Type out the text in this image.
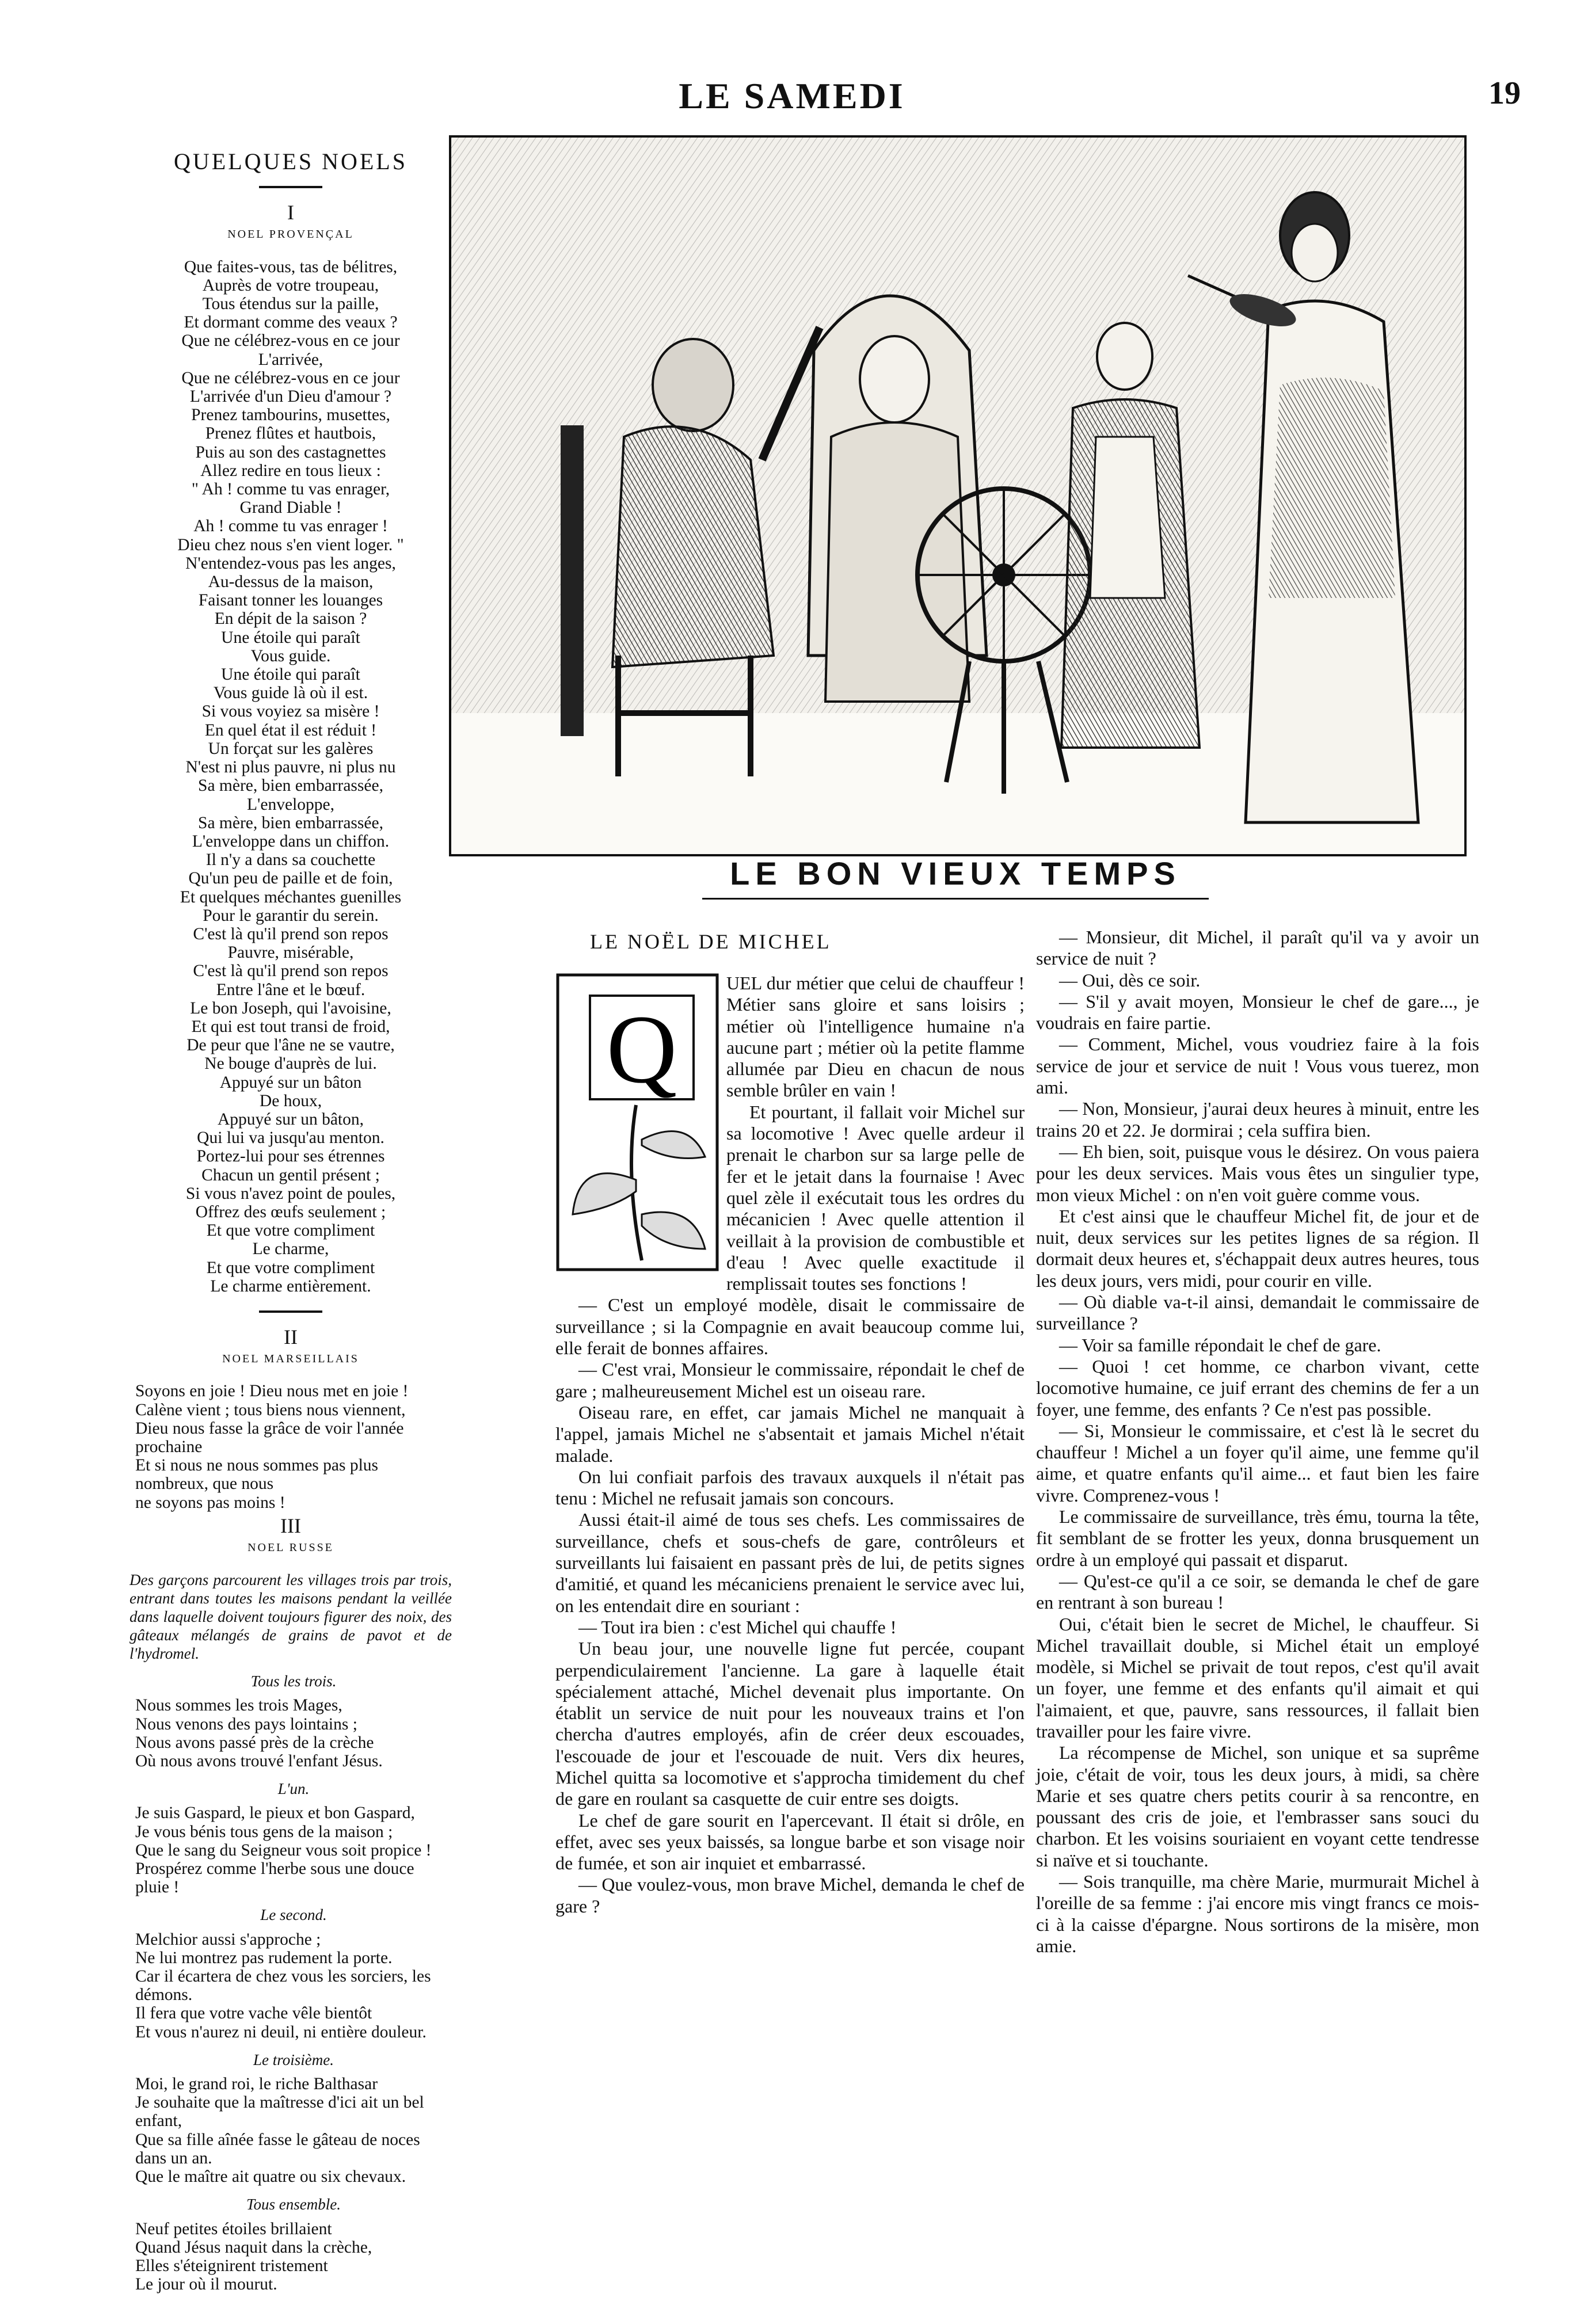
LE SAMEDI	19
QUELQUES NOELS
I
NOEL PROVENÇAL

Que faites-vous, tas de bélitres,

Auprès de votre troupeau,

Tous étendus sur la paille,

Et dormant comme des veaux ?

Que ne célébrez-vous en ce jour

L'arrivée,

Que ne célébrez-vous en ce jour

L'arrivée d'un Dieu d'amour ?

Prenez tambourins, musettes,

Prenez flûtes et hautbois,

Puis au son des castagnettes

Allez redire en tous lieux :

" Ah ! comme tu vas enrager,

Grand Diable !

Ah ! comme tu vas enrager !

Dieu chez nous s'en vient loger. "

N'entendez-vous pas les anges,

Au-dessus de la maison,

Faisant tonner les louanges

En dépit de la saison ?

Une étoile qui paraît

Vous guide.

Une étoile qui paraît

Vous guide là où il est.

Si vous voyiez sa misère !

En quel état il est réduit !

Un forçat sur les galères

N'est ni plus pauvre, ni plus nu

Sa mère, bien embarrassée,

L'enveloppe,

Sa mère, bien embarrassée,

L'enveloppe dans un chiffon.

Il n'y a dans sa couchette

Qu'un peu de paille et de foin,

Et quelques méchantes guenilles

Pour le garantir du serein.

C'est là qu'il prend son repos

Pauvre, misérable,

C'est là qu'il prend son repos

Entre l'âne et le bœuf.

Le bon Joseph, qui l'avoisine,

Et qui est tout transi de froid,

De peur que l'âne ne se vautre,

Ne bouge d'auprès de lui.

Appuyé sur un bâton

De houx,

Appuyé sur un bâton,

Qui lui va jusqu'au menton.

Portez-lui pour ses étrennes

Chacun un gentil présent ;

Si vous n'avez point de poules,

Offrez des œufs seulement ;

Et que votre compliment

Le charme,

Et que votre compliment

Le charme entièrement.

II
NOEL MARSEILLAIS

Soyons en joie ! Dieu nous met en joie !

Calène vient ; tous biens nous viennent,

Dieu nous fasse la grâce de voir l'année prochaine

Et si nous ne nous sommes pas plus nombreux, que nous

ne soyons pas moins !

III
NOEL RUSSE

Des garçons parcourent les villages trois par trois, entrant dans toutes les maisons pendant la veillée dans laquelle doivent toujours figurer des noix, des gâteaux mélangés de grains de pavot et de l'hydromel.

Tous les trois.

Nous sommes les trois Mages,

Nous venons des pays lointains ;

Nous avons passé près de la crèche

Où nous avons trouvé l'enfant Jésus.

L'un.

Je suis Gaspard, le pieux et bon Gaspard,

Je vous bénis tous gens de la maison ;

Que le sang du Seigneur vous soit propice !

Prospérez comme l'herbe sous une douce pluie !

Le second.

Melchior aussi s'approche ;

Ne lui montrez pas rudement la porte.

Car il écartera de chez vous les sorciers, les démons.

Il fera que votre vache vêle bientôt

Et vous n'aurez ni deuil, ni entière douleur.

Le troisième.

Moi, le grand roi, le riche Balthasar

Je souhaite que la maîtresse d'ici ait un bel enfant,

Que sa fille aînée fasse le gâteau de noces dans un an.

Que le maître ait quatre ou six chevaux.

Tous ensemble.

Neuf petites étoiles brillaient

Quand Jésus naquit dans la crèche,

Elles s'éteignirent tristement

Le jour où il mourut.

LE BON VIEUX TEMPS
LE NOËL DE MICHEL
Q

UEL dur métier que celui de chauffeur ! Métier sans gloire et sans loisirs ; métier où l'intelligence humaine n'a aucune part ; métier où la petite flamme allumée par Dieu en chacun de nous semble brûler en vain !

Et pourtant, il fallait voir Michel sur sa locomotive ! Avec quelle ardeur il prenait le charbon sur sa large pelle de fer et le jetait dans la fournaise ! Avec quel zèle il exécutait tous les ordres du mécanicien ! Avec quelle attention il veillait à la provision de combustible et d'eau ! Avec quelle exactitude il remplissait toutes ses fonctions !

— C'est un employé modèle, disait le commissaire de surveillance ; si la Compagnie en avait beaucoup comme lui, elle ferait de bonnes affaires.

— C'est vrai, Monsieur le commissaire, répondait le chef de gare ; malheureusement Michel est un oiseau rare.

Oiseau rare, en effet, car jamais Michel ne manquait à l'appel, jamais Michel ne s'absentait et jamais Michel n'était malade.

On lui confiait parfois des travaux auxquels il n'était pas tenu : Michel ne refusait jamais son concours.

Aussi était-il aimé de tous ses chefs. Les commissaires de surveillance, chefs et sous-chefs de gare, contrôleurs et surveillants lui faisaient en passant près de lui, de petits signes d'amitié, et quand les mécaniciens prenaient le service avec lui, on les entendait dire en souriant :

— Tout ira bien : c'est Michel qui chauffe !

Un beau jour, une nouvelle ligne fut percée, coupant perpendiculairement l'ancienne. La gare à laquelle était spécialement attaché, Michel devenait plus importante. On établit un service de nuit pour les nouveaux trains et l'on chercha d'autres employés, afin de créer deux escouades, l'escouade de jour et l'escouade de nuit. Vers dix heures, Michel quitta sa locomotive et s'approcha timidement du chef de gare en roulant sa casquette de cuir entre ses doigts.

Le chef de gare sourit en l'apercevant. Il était si drôle, en effet, avec ses yeux baissés, sa longue barbe et son visage noir de fumée, et son air inquiet et embarrassé.

— Que voulez-vous, mon brave Michel, demanda le chef de gare ?

— Monsieur, dit Michel, il paraît qu'il va y avoir un service de nuit ?

— Oui, dès ce soir.

— S'il y avait moyen, Monsieur le chef de gare..., je voudrais en faire partie.

— Comment, Michel, vous voudriez faire à la fois service de jour et service de nuit ! Vous vous tuerez, mon ami.

— Non, Monsieur, j'aurai deux heures à minuit, entre les trains 20 et 22. Je dormirai ; cela suffira bien.

— Eh bien, soit, puisque vous le désirez. On vous paiera pour les deux services. Mais vous êtes un singulier type, mon vieux Michel : on n'en voit guère comme vous.

Et c'est ainsi que le chauffeur Michel fit, de jour et de nuit, deux services sur les petites lignes de sa région. Il dormait deux heures et, s'échappait deux autres heures, tous les deux jours, vers midi, pour courir en ville.

— Où diable va-t-il ainsi, demandait le commissaire de surveillance ?

— Voir sa famille répondait le chef de gare.

— Quoi ! cet homme, ce charbon vivant, cette locomotive humaine, ce juif errant des chemins de fer a un foyer, une femme, des enfants ? Ce n'est pas possible.

— Si, Monsieur le commissaire, et c'est là le secret du chauffeur ! Michel a un foyer qu'il aime, une femme qu'il aime, et quatre enfants qu'il aime... et faut bien les faire vivre. Comprenez-vous !

Le commissaire de surveillance, très ému, tourna la tête, fit semblant de se frotter les yeux, donna brusquement un ordre à un employé qui passait et disparut.

— Qu'est-ce qu'il a ce soir, se demanda le chef de gare en rentrant à son bureau !

Oui, c'était bien le secret de Michel, le chauffeur. Si Michel travaillait double, si Michel était un employé modèle, si Michel se privait de tout repos, c'est qu'il avait un foyer, une femme et des enfants qu'il aimait et qui l'aimaient, et que, pauvre, sans ressources, il fallait bien travailler pour les faire vivre.

La récompense de Michel, son unique et sa suprême joie, c'était de voir, tous les deux jours, à midi, sa chère Marie et ses quatre chers petits courir à sa rencontre, en poussant des cris de joie, et l'embrasser sans souci du charbon. Et les voisins souriaient en voyant cette tendresse si naïve et si touchante.

— Sois tranquille, ma chère Marie, murmurait Michel à l'oreille de sa femme : j'ai encore mis vingt francs ce mois-ci à la caisse d'épargne. Nous sortirons de la misère, mon amie.
